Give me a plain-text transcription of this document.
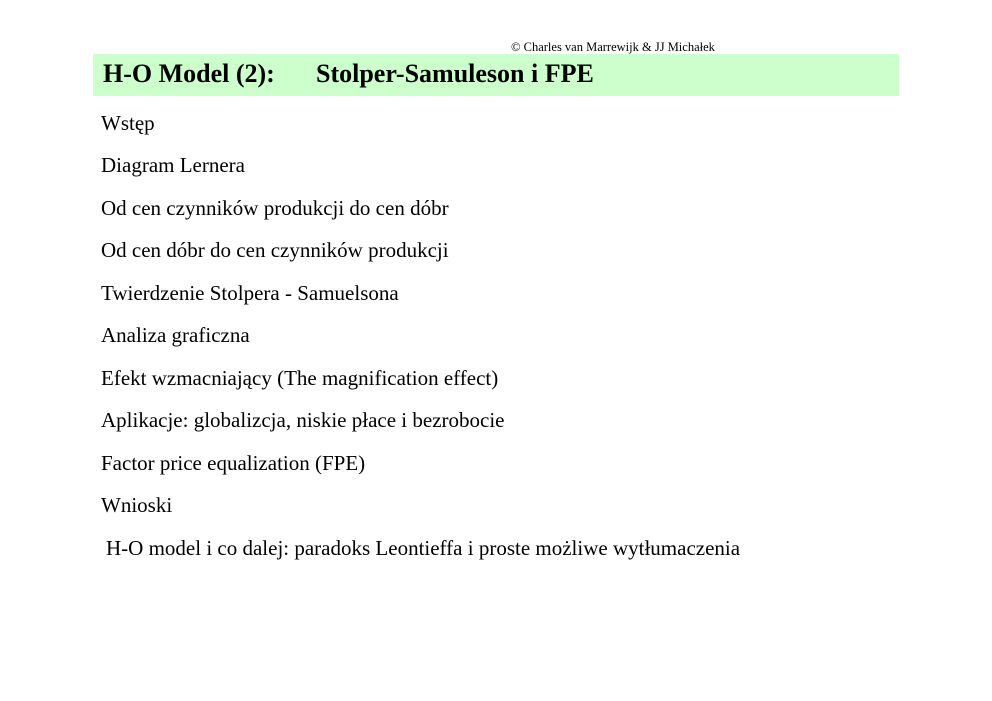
© Charles van Marrewijk & JJ Michałek
H-O Model (2): Stolper-Samuleson i FPE
Wstęp
Diagram Lernera
Od cen czynników produkcji do cen dóbr
Od cen dóbr do cen czynników produkcji
Twierdzenie Stolpera - Samuelsona
Analiza graficzna
Efekt wzmacniający (The magnification effect)
Aplikacje: globalizcja, niskie płace i bezrobocie
Factor price equalization (FPE)
Wnioski
H-O model i co dalej: paradoks Leontieffa i proste możliwe wytłumaczenia
